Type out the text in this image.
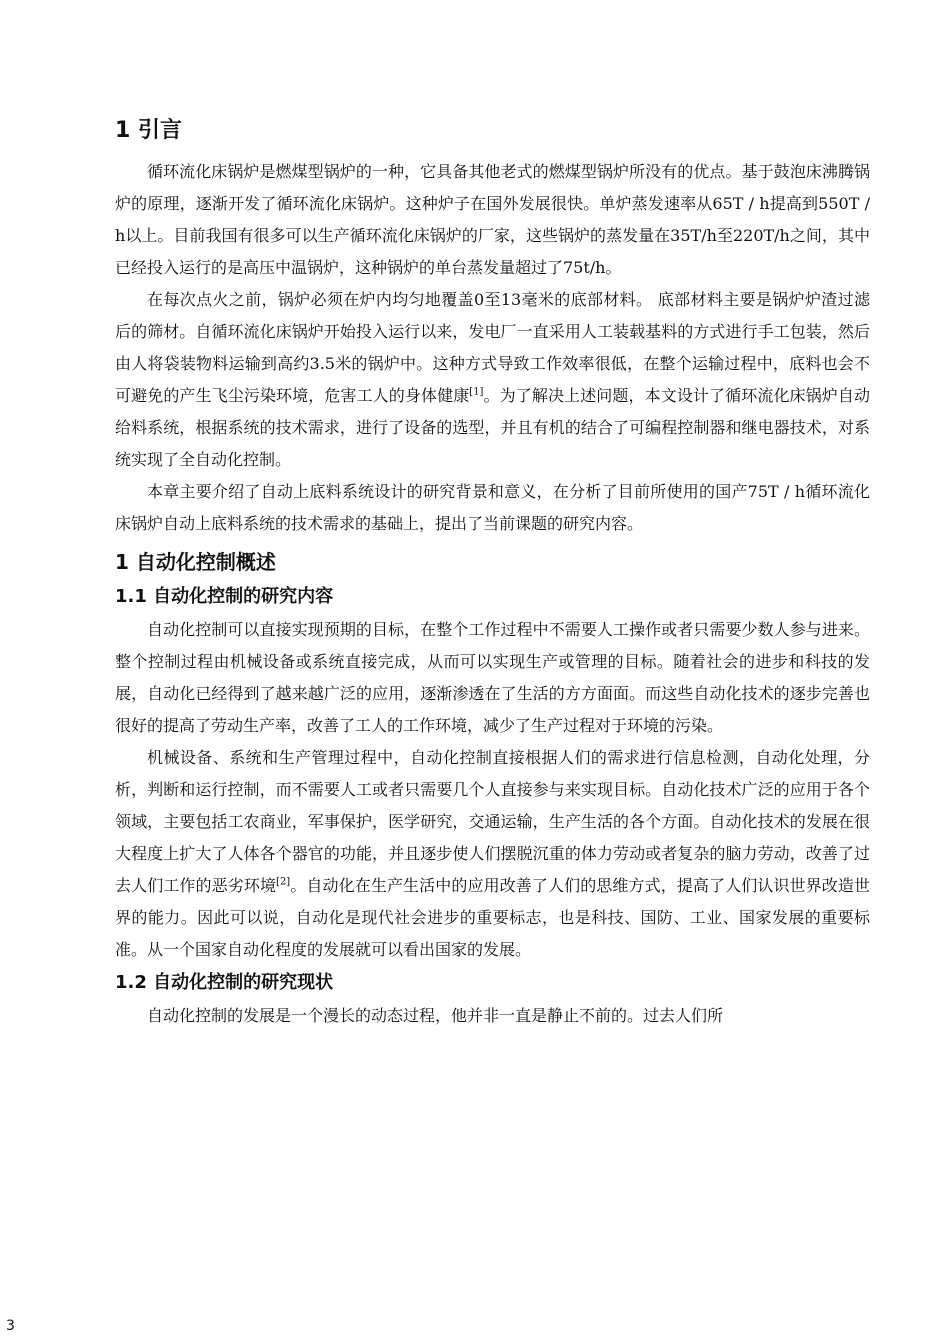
1 引言

循环流化床锅炉是燃煤型锅炉的一种，它具备其他老式的燃煤型锅炉所没有的优点。基于鼓泡床沸腾锅炉的原理，逐渐开发了循环流化床锅炉。这种炉子在国外发展很快。单炉蒸发速率从65T / h提高到550T / h以上。目前我国有很多可以生产循环流化床锅炉的厂家，这些锅炉的蒸发量在35T/h至220T/h之间，其中已经投入运行的是高压中温锅炉，这种锅炉的单台蒸发量超过了75t/h。

在每次点火之前，锅炉必须在炉内均匀地覆盖0至13毫米的底部材料。 底部材料主要是锅炉炉渣过滤后的筛材。自循环流化床锅炉开始投入运行以来，发电厂一直采用人工装载基料的方式进行手工包装，然后由人将袋装物料运输到高约3.5米的锅炉中。这种方式导致工作效率很低，在整个运输过程中，底料也会不可避免的产生飞尘污染环境，危害工人的身体健康[1]。为了解决上述问题，本文设计了循环流化床锅炉自动给料系统，根据系统的技术需求，进行了设备的选型，并且有机的结合了可编程控制器和继电器技术，对系统实现了全自动化控制。

本章主要介绍了自动上底料系统设计的研究背景和意义，在分析了目前所使用的国产75T / h循环流化床锅炉自动上底料系统的技术需求的基础上，提出了当前课题的研究内容。

1 自动化控制概述
1.1 自动化控制的研究内容

自动化控制可以直接实现预期的目标，在整个工作过程中不需要人工操作或者只需要少数人参与进来。整个控制过程由机械设备或系统直接完成，从而可以实现生产或管理的目标。随着社会的进步和科技的发展，自动化已经得到了越来越广泛的应用，逐渐渗透在了生活的方方面面。而这些自动化技术的逐步完善也很好的提高了劳动生产率，改善了工人的工作环境，减少了生产过程对于环境的污染。

机械设备、系统和生产管理过程中，自动化控制直接根据人们的需求进行信息检测，自动化处理，分析，判断和运行控制，而不需要人工或者只需要几个人直接参与来实现目标。自动化技术广泛的应用于各个领域，主要包括工农商业，军事保护，医学研究，交通运输，生产生活的各个方面。自动化技术的发展在很大程度上扩大了人体各个器官的功能，并且逐步使人们摆脱沉重的体力劳动或者复杂的脑力劳动，改善了过去人们工作的恶劣环境[2]。自动化在生产生活中的应用改善了人们的思维方式，提高了人们认识世界改造世界的能力。因此可以说，自动化是现代社会进步的重要标志，也是科技、国防、工业、国家发展的重要标准。从一个国家自动化程度的发展就可以看出国家的发展。

1.2 自动化控制的研究现状

自动化控制的发展是一个漫长的动态过程，他并非一直是静止不前的。过去人们所

3
